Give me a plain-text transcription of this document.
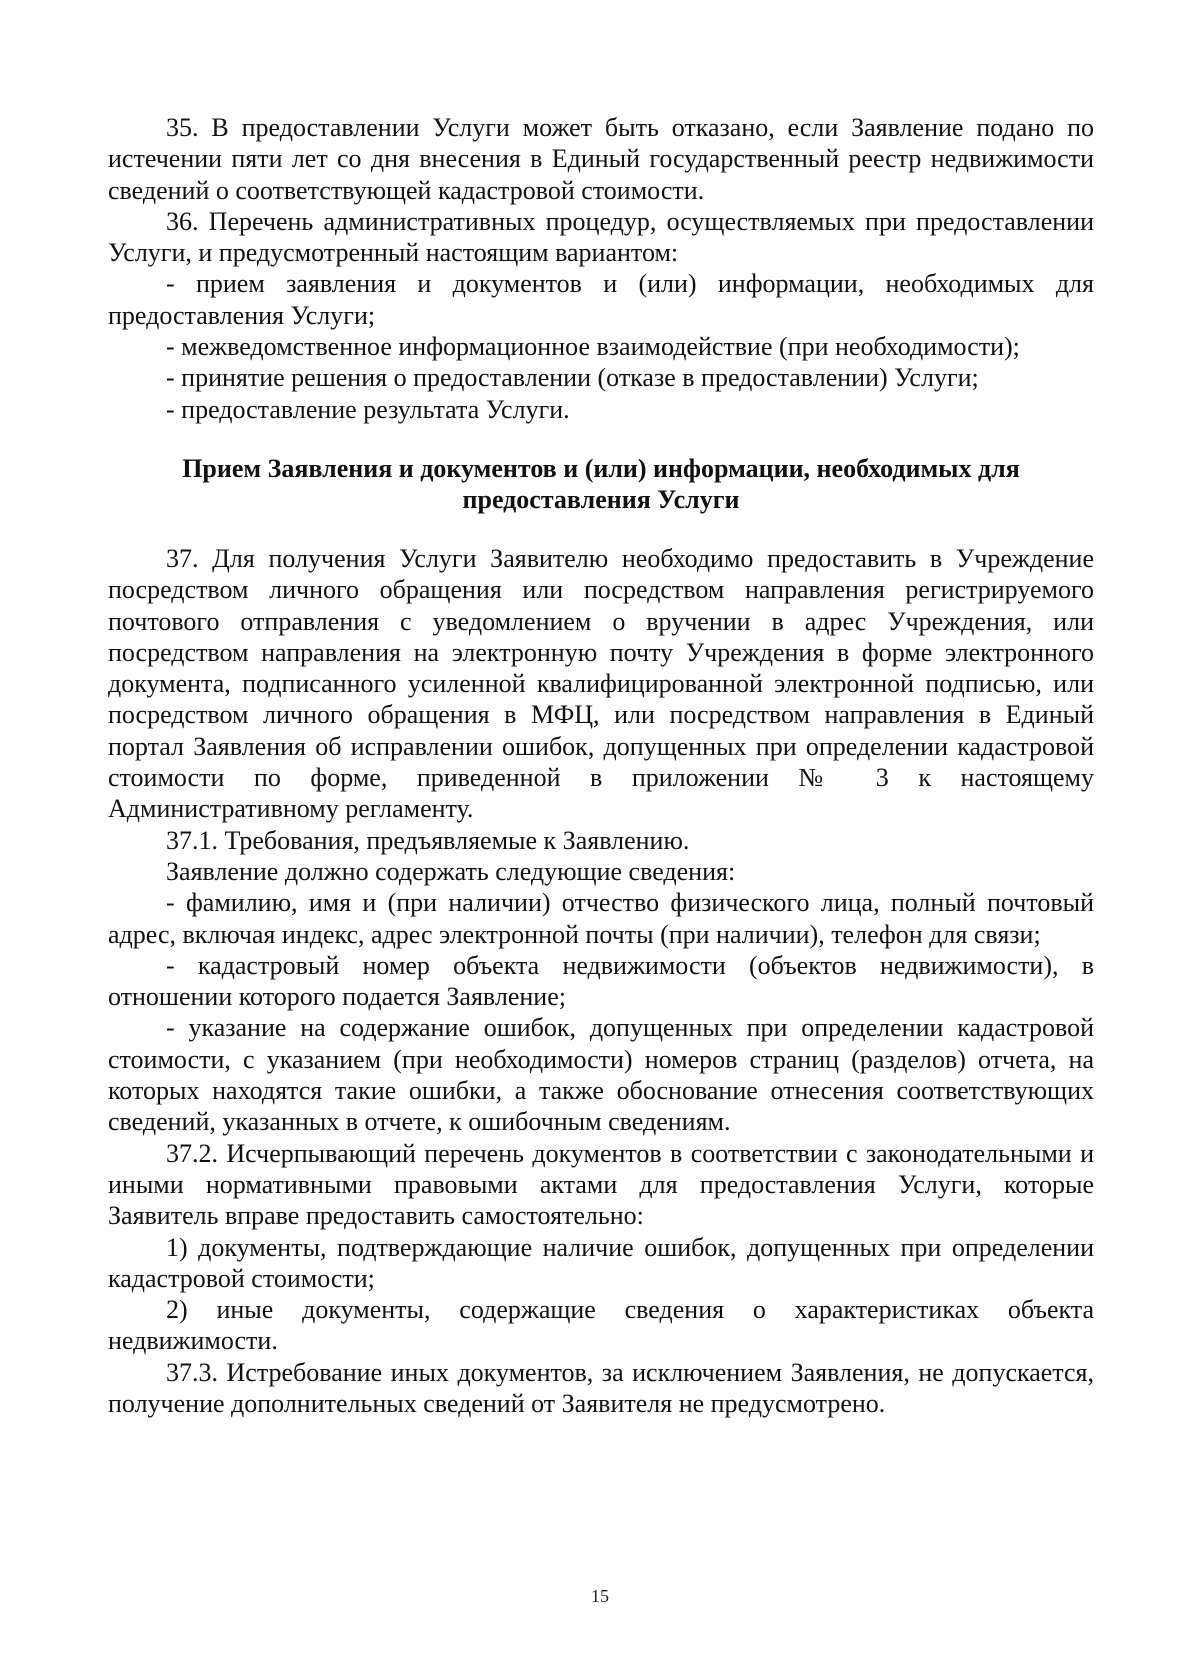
35. В предоставлении Услуги может быть отказано, если Заявление подано по истечении пяти лет со дня внесения в Единый государственный реестр недвижимости сведений о соответствующей кадастровой стоимости.

36. Перечень административных процедур, осуществляемых при предоставлении Услуги, и предусмотренный настоящим вариантом:

- прием заявления и документов и (или) информации, необходимых для предоставления Услуги;

- межведомственное информационное взаимодействие (при необходимости);

- принятие решения о предоставлении (отказе в предоставлении) Услуги;

- предоставление результата Услуги.

Прием Заявления и документов и (или) информации, необходимых для предоставления Услуги

37. Для получения Услуги Заявителю необходимо предоставить в Учреждение посредством личного обращения или посредством направления регистрируемого почтового отправления с уведомлением о вручении в адрес Учреждения, или посредством направления на электронную почту Учреждения в форме электронного документа, подписанного усиленной квалифицированной электронной подписью, или посредством личного обращения в МФЦ, или посредством направления в Единый портал Заявления об исправлении ошибок, допущенных при определении кадастровой стоимости по форме, приведенной в приложении № 3 к настоящему Административному регламенту.

37.1. Требования, предъявляемые к Заявлению.

Заявление должно содержать следующие сведения:

- фамилию, имя и (при наличии) отчество физического лица, полный почтовый адрес, включая индекс, адрес электронной почты (при наличии), телефон для связи;

- кадастровый номер объекта недвижимости (объектов недвижимости), в отношении которого подается Заявление;

- указание на содержание ошибок, допущенных при определении кадастровой стоимости, с указанием (при необходимости) номеров страниц (разделов) отчета, на которых находятся такие ошибки, а также обоснование отнесения соответствующих сведений, указанных в отчете, к ошибочным сведениям.

37.2. Исчерпывающий перечень документов в соответствии с законодательными и иными нормативными правовыми актами для предоставления Услуги, которые Заявитель вправе предоставить самостоятельно:

1) документы, подтверждающие наличие ошибок, допущенных при определении кадастровой стоимости;

2) иные документы, содержащие сведения о характеристиках объекта недвижимости.

37.3. Истребование иных документов, за исключением Заявления, не допускается, получение дополнительных сведений от Заявителя не предусмотрено.

15
